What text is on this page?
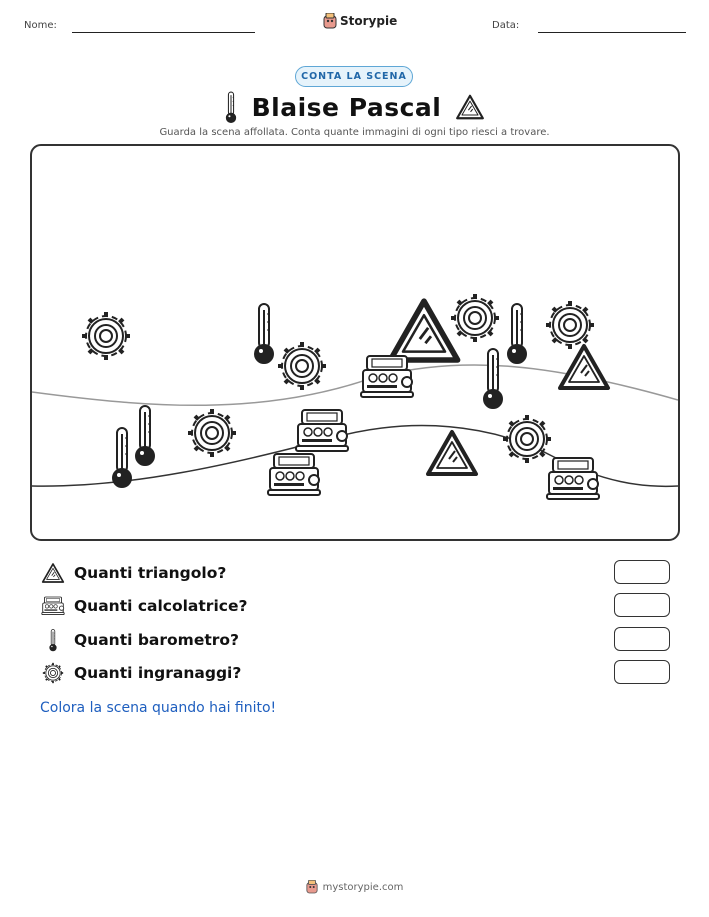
Nome:	Storypie	Data:
CONTA LA SCENA
Blaise Pascal
Guarda la scena affollata. Conta quante immagini di ogni tipo riesci a trovare.
Quanti triangolo?
Quanti calcolatrice?
Quanti barometro?
Quanti ingranaggi?
Colora la scena quando hai finito!
mystorypie.com
